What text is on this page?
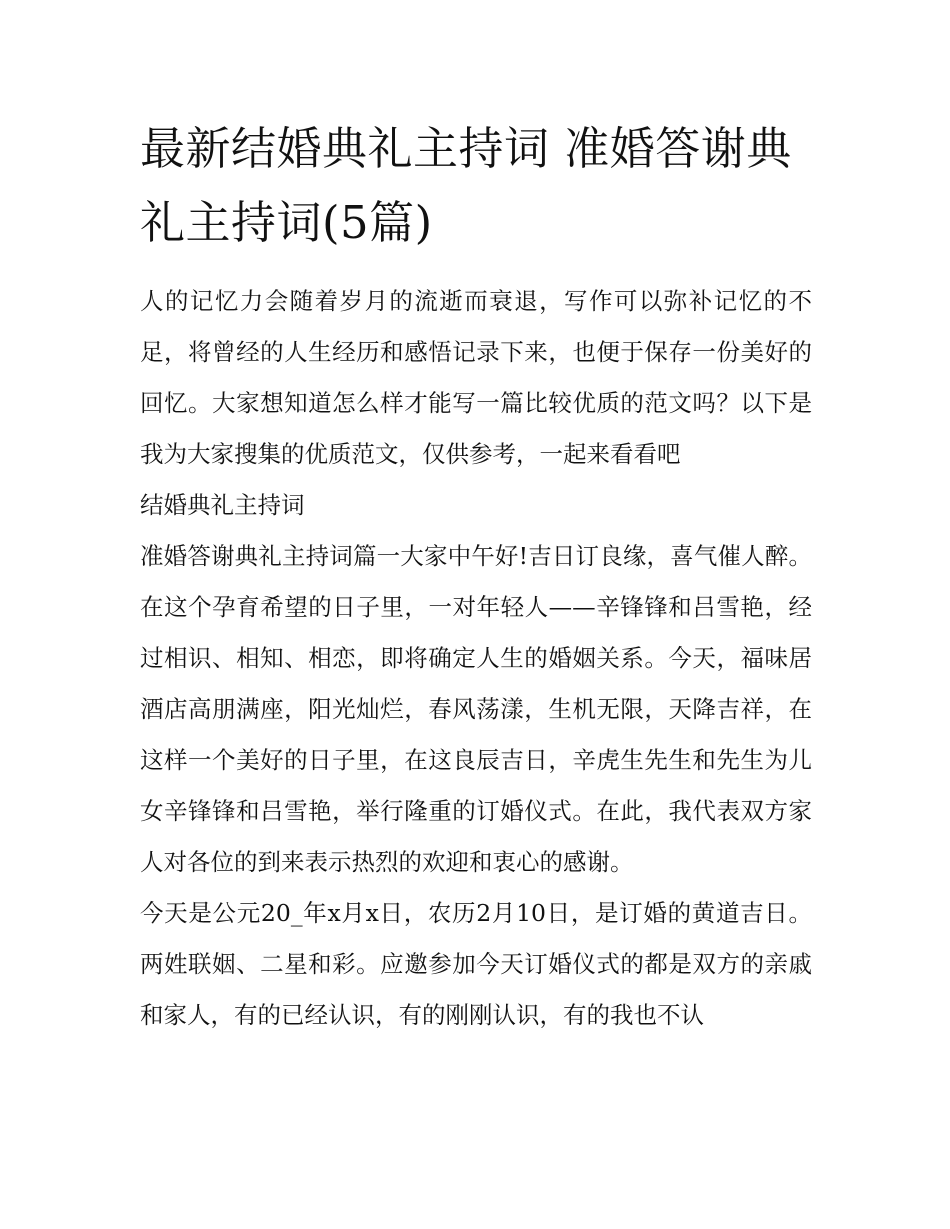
最新结婚典礼主持词 准婚答谢典礼主持词(5篇)

人的记忆力会随着岁月的流逝而衰退，写作可以弥补记忆的不足，将曾经的人生经历和感悟记录下来，也便于保存一份美好的回忆。大家想知道怎么样才能写一篇比较优质的范文吗？以下是我为大家搜集的优质范文，仅供参考，一起来看看吧

结婚典礼主持词

准婚答谢典礼主持词篇一大家中午好!吉日订良缘，喜气催人醉。在这个孕育希望的日子里，一对年轻人——辛锋锋和吕雪艳，经过相识、相知、相恋，即将确定人生的婚姻关系。今天，福味居酒店高朋满座，阳光灿烂，春风荡漾，生机无限，天降吉祥，在这样一个美好的日子里，在这良辰吉日，辛虎生先生和先生为儿女辛锋锋和吕雪艳，举行隆重的订婚仪式。在此，我代表双方家人对各位的到来表示热烈的欢迎和衷心的感谢。

今天是公元20_年x月x日，农历2月10日，是订婚的黄道吉日。两姓联姻、二星和彩。应邀参加今天订婚仪式的都是双方的亲戚和家人，有的已经认识，有的刚刚认识，有的我也不认
